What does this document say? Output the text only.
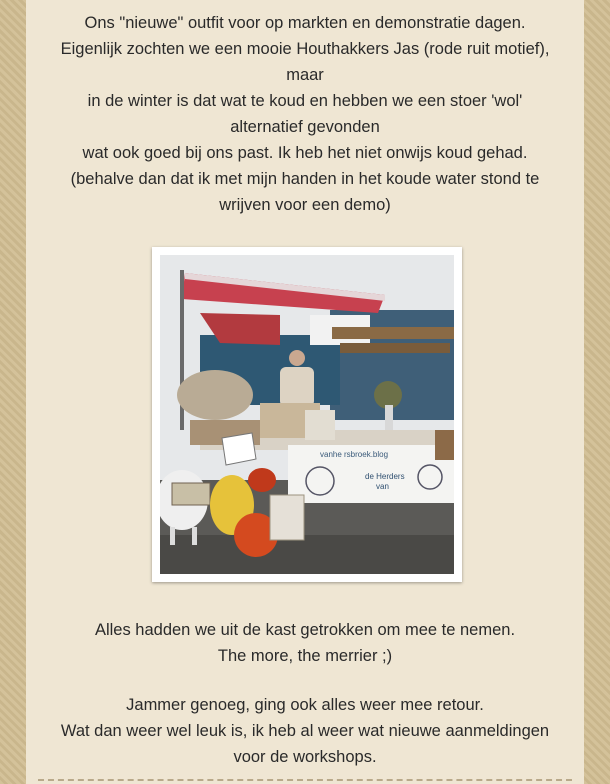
Ons "nieuwe" outfit voor op markten en demonstratie dagen.
Eigenlijk zochten we een mooie Houthakkers Jas (rode ruit motief),
maar
in de winter is dat wat te koud en hebben we een stoer 'wol'
alternatief gevonden
wat ook goed bij ons past. Ik heb het niet onwijs koud gehad.
(behalve dan dat ik met mijn handen in het koude water stond te
wrijven voor een demo)

vanhe rsbroek.blog
de Herders
van

Alles hadden we uit de kast getrokken om mee te nemen.
The more, the merrier ;)

Jammer genoeg, ging ook alles weer mee retour.
Wat dan weer wel leuk is, ik heb al weer wat nieuwe aanmeldingen
voor de workshops.
